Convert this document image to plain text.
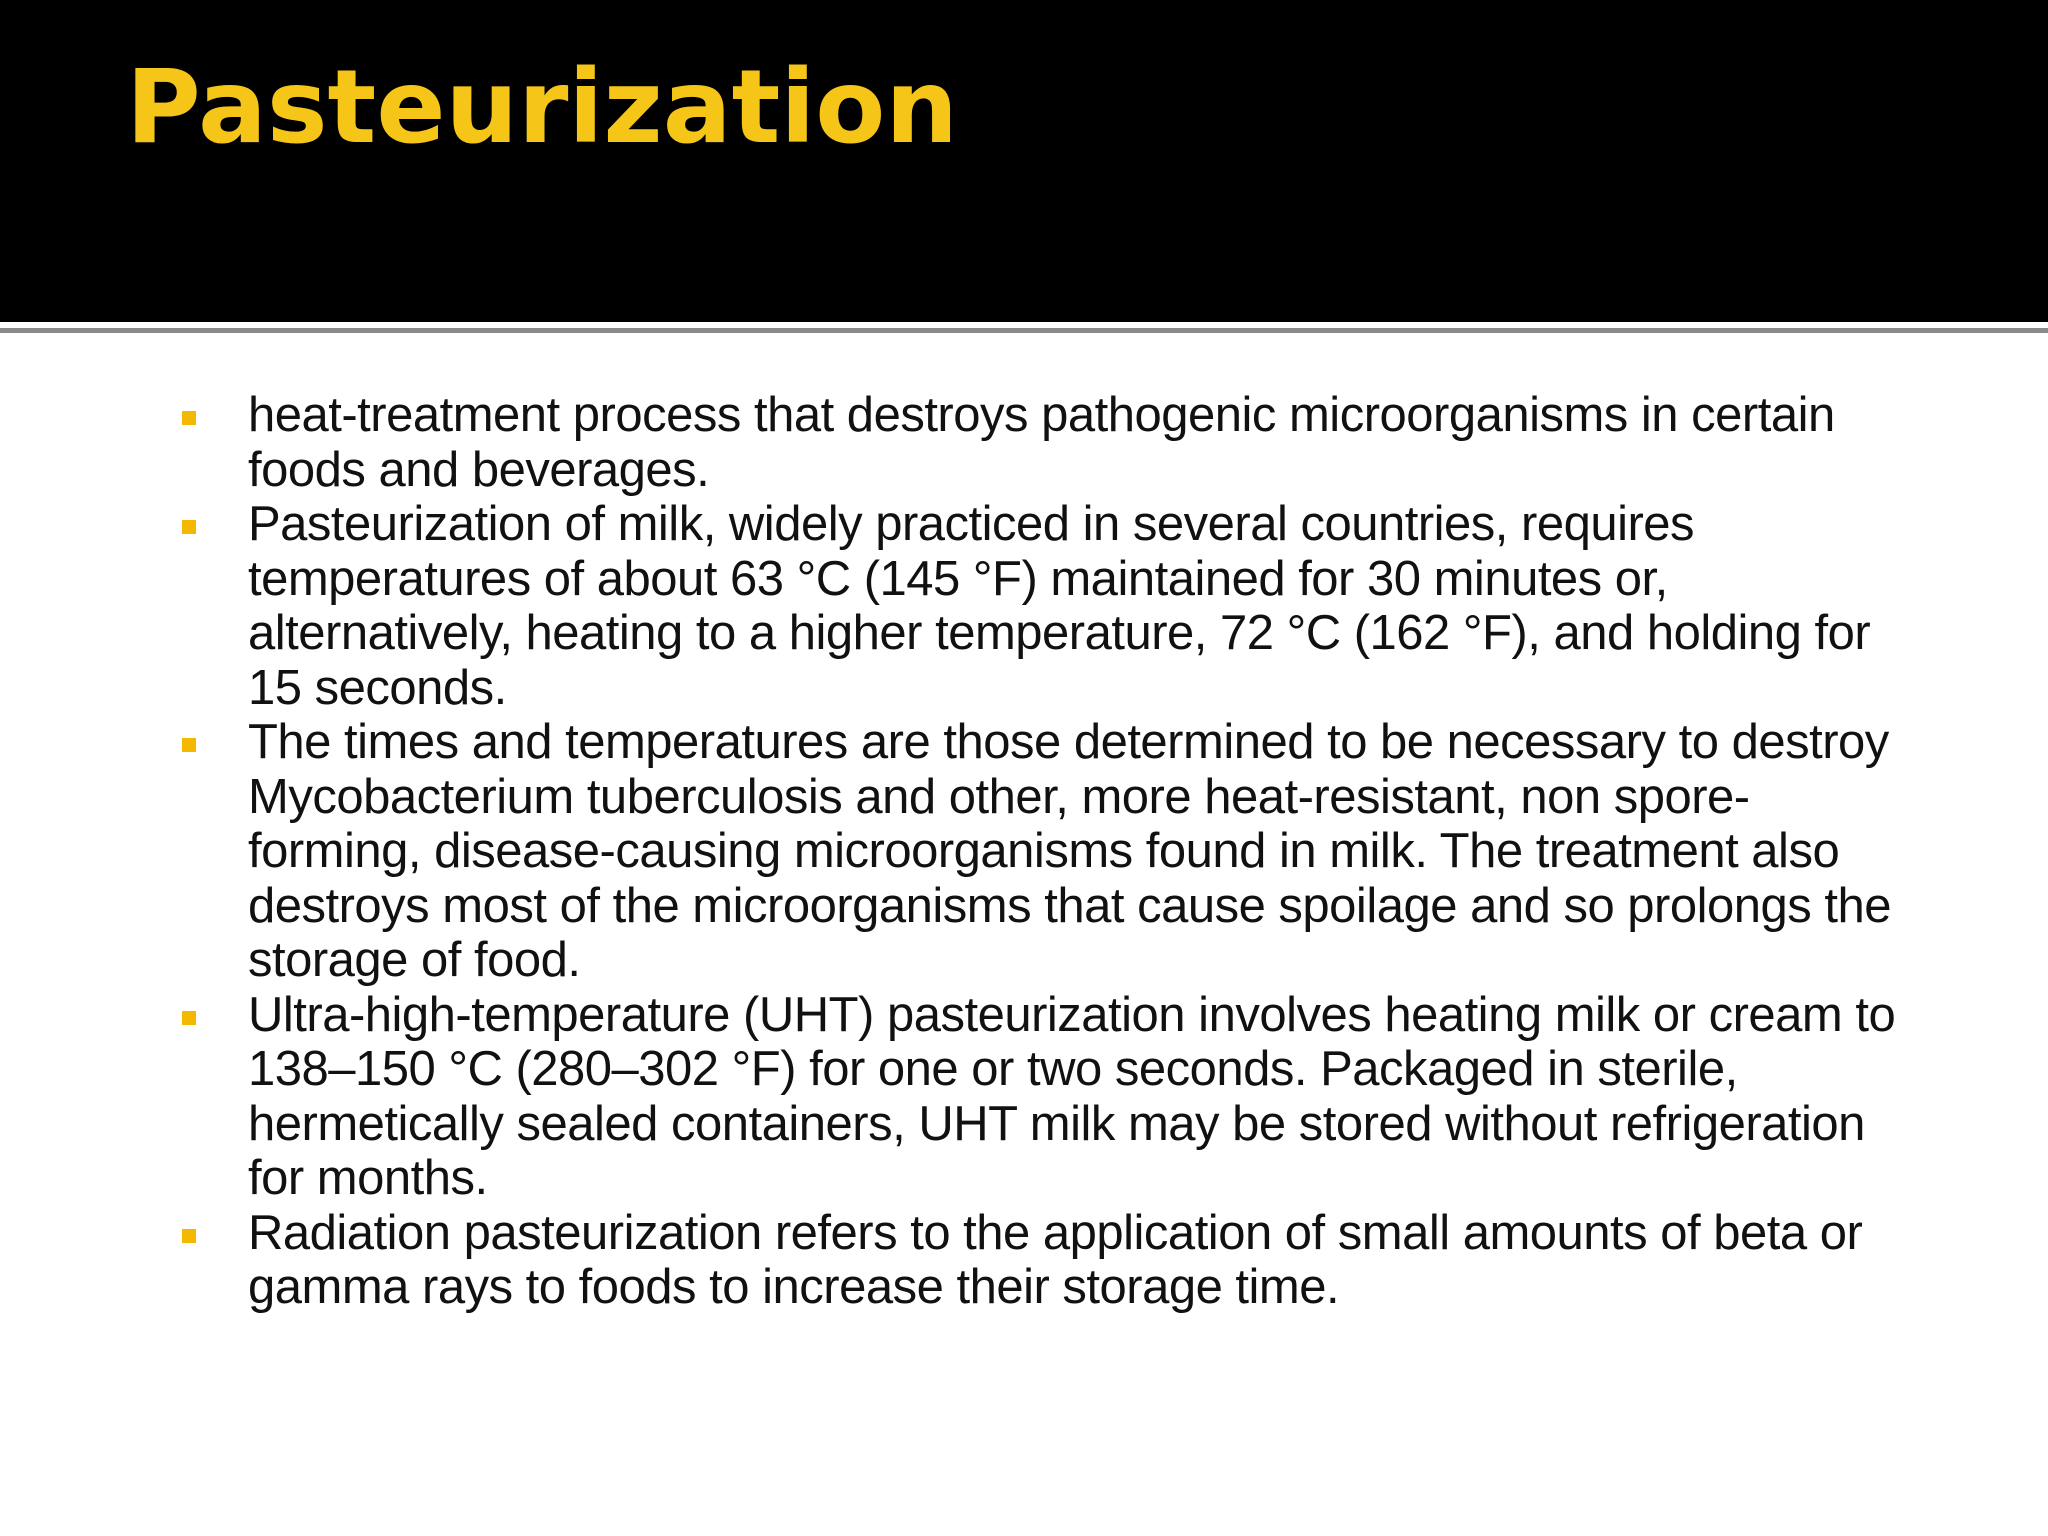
Pasteurization
heat-treatment process that destroys pathogenic microorganisms in certain foods and beverages.
Pasteurization of milk, widely practiced in several countries, requires temperatures of about 63 °C (145 °F) maintained for 30 minutes or, alternatively, heating to a higher temperature, 72 °C (162 °F), and holding for 15 seconds.
The times and temperatures are those determined to be necessary to destroy Mycobacterium tuberculosis and other, more heat-resistant, non spore-forming, disease-causing microorganisms found in milk. The treatment also destroys most of the microorganisms that cause spoilage and so prolongs the storage of food.
Ultra-high-temperature (UHT) pasteurization involves heating milk or cream to 138–150 °C (280–302 °F) for one or two seconds. Packaged in sterile, hermetically sealed containers, UHT milk may be stored without refrigeration for months.
Radiation pasteurization refers to the application of small amounts of beta or gamma rays to foods to increase their storage time.
